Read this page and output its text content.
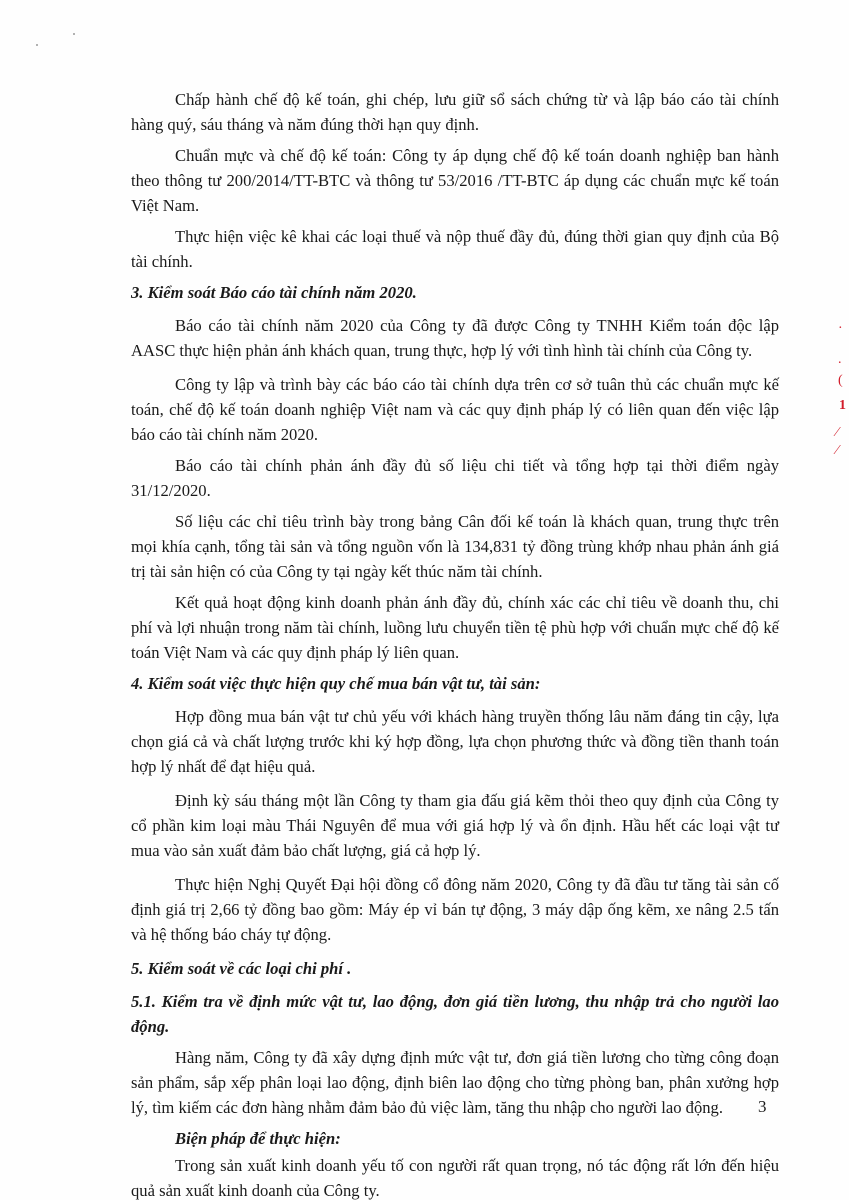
Chấp hành chế độ kế toán, ghi chép, lưu giữ sổ sách chứng từ và lập báo cáo tài chính hàng quý, sáu tháng và năm đúng thời hạn quy định.

Chuẩn mực và chế độ kế toán: Công ty áp dụng chế độ kế toán doanh nghiệp ban hành theo thông tư 200/2014/TT-BTC và thông tư 53/2016 /TT-BTC áp dụng các chuẩn mực kế toán Việt Nam.

Thực hiện việc kê khai các loại thuế và nộp thuế đầy đủ, đúng thời gian quy định của Bộ tài chính.

3. Kiểm soát Báo cáo tài chính năm 2020.

Báo cáo tài chính năm 2020 của Công ty đã được Công ty TNHH Kiểm toán độc lập AASC thực hiện phản ánh khách quan, trung thực, hợp lý với tình hình tài chính của Công ty.

Công ty lập và trình bày các báo cáo tài chính dựa trên cơ sở tuân thủ các chuẩn mực kế toán, chế độ kế toán doanh nghiệp Việt nam và các quy định pháp lý có liên quan đến việc lập báo cáo tài chính năm 2020.

Báo cáo tài chính phản ánh đầy đủ số liệu chi tiết và tổng hợp tại thời điểm ngày 31/12/2020.

Số liệu các chỉ tiêu trình bày trong bảng Cân đối kế toán là khách quan, trung thực trên mọi khía cạnh, tổng tài sản và tổng nguồn vốn là 134,831 tỷ đồng trùng khớp nhau phản ánh giá trị tài sản hiện có của Công ty tại ngày kết thúc năm tài chính.

Kết quả hoạt động kinh doanh phản ánh đầy đủ, chính xác các chỉ tiêu về doanh thu, chi phí và lợi nhuận trong năm tài chính, luồng lưu chuyển tiền tệ phù hợp với chuẩn mực chế độ kế toán Việt Nam và các quy định pháp lý liên quan.

4. Kiểm soát việc thực hiện quy chế mua bán vật tư, tài sản:

Hợp đồng mua bán vật tư chủ yếu với khách hàng truyền thống lâu năm đáng tin cậy, lựa chọn giá cả và chất lượng trước khi ký hợp đồng, lựa chọn phương thức và đồng tiền thanh toán hợp lý nhất để đạt hiệu quả.

Định kỳ sáu tháng một lần Công ty tham gia đấu giá kẽm thỏi theo quy định của Công ty cổ phần kim loại màu Thái Nguyên để mua với giá hợp lý và ổn định. Hầu hết các loại vật tư mua vào sản xuất đảm bảo chất lượng, giá cả hợp lý.

Thực hiện Nghị Quyết Đại hội đồng cổ đông năm 2020, Công ty đã đầu tư tăng tài sản cố định giá trị 2,66 tỷ đồng bao gồm: Máy ép vỉ bán tự động, 3 máy dập ống kẽm, xe nâng 2.5 tấn và hệ thống báo cháy tự động.

5. Kiểm soát về các loại chi phí .
5.1. Kiểm tra về định mức vật tư, lao động, đơn giá tiền lương, thu nhập trả cho người lao động.

Hàng năm, Công ty đã xây dựng định mức vật tư, đơn giá tiền lương cho từng công đoạn sản phẩm, sắp xếp phân loại lao động, định biên lao động cho từng phòng ban, phân xưởng hợp lý, tìm kiếm các đơn hàng nhằm đảm bảo đủ việc làm, tăng thu nhập cho người lao động.

Biện pháp để thực hiện:

Trong sản xuất kinh doanh yếu tố con người rất quan trọng, nó tác động rất lớn đến hiệu quả sản xuất kinh doanh của Công ty.

3
·
.
(
1
⁄
⁄
